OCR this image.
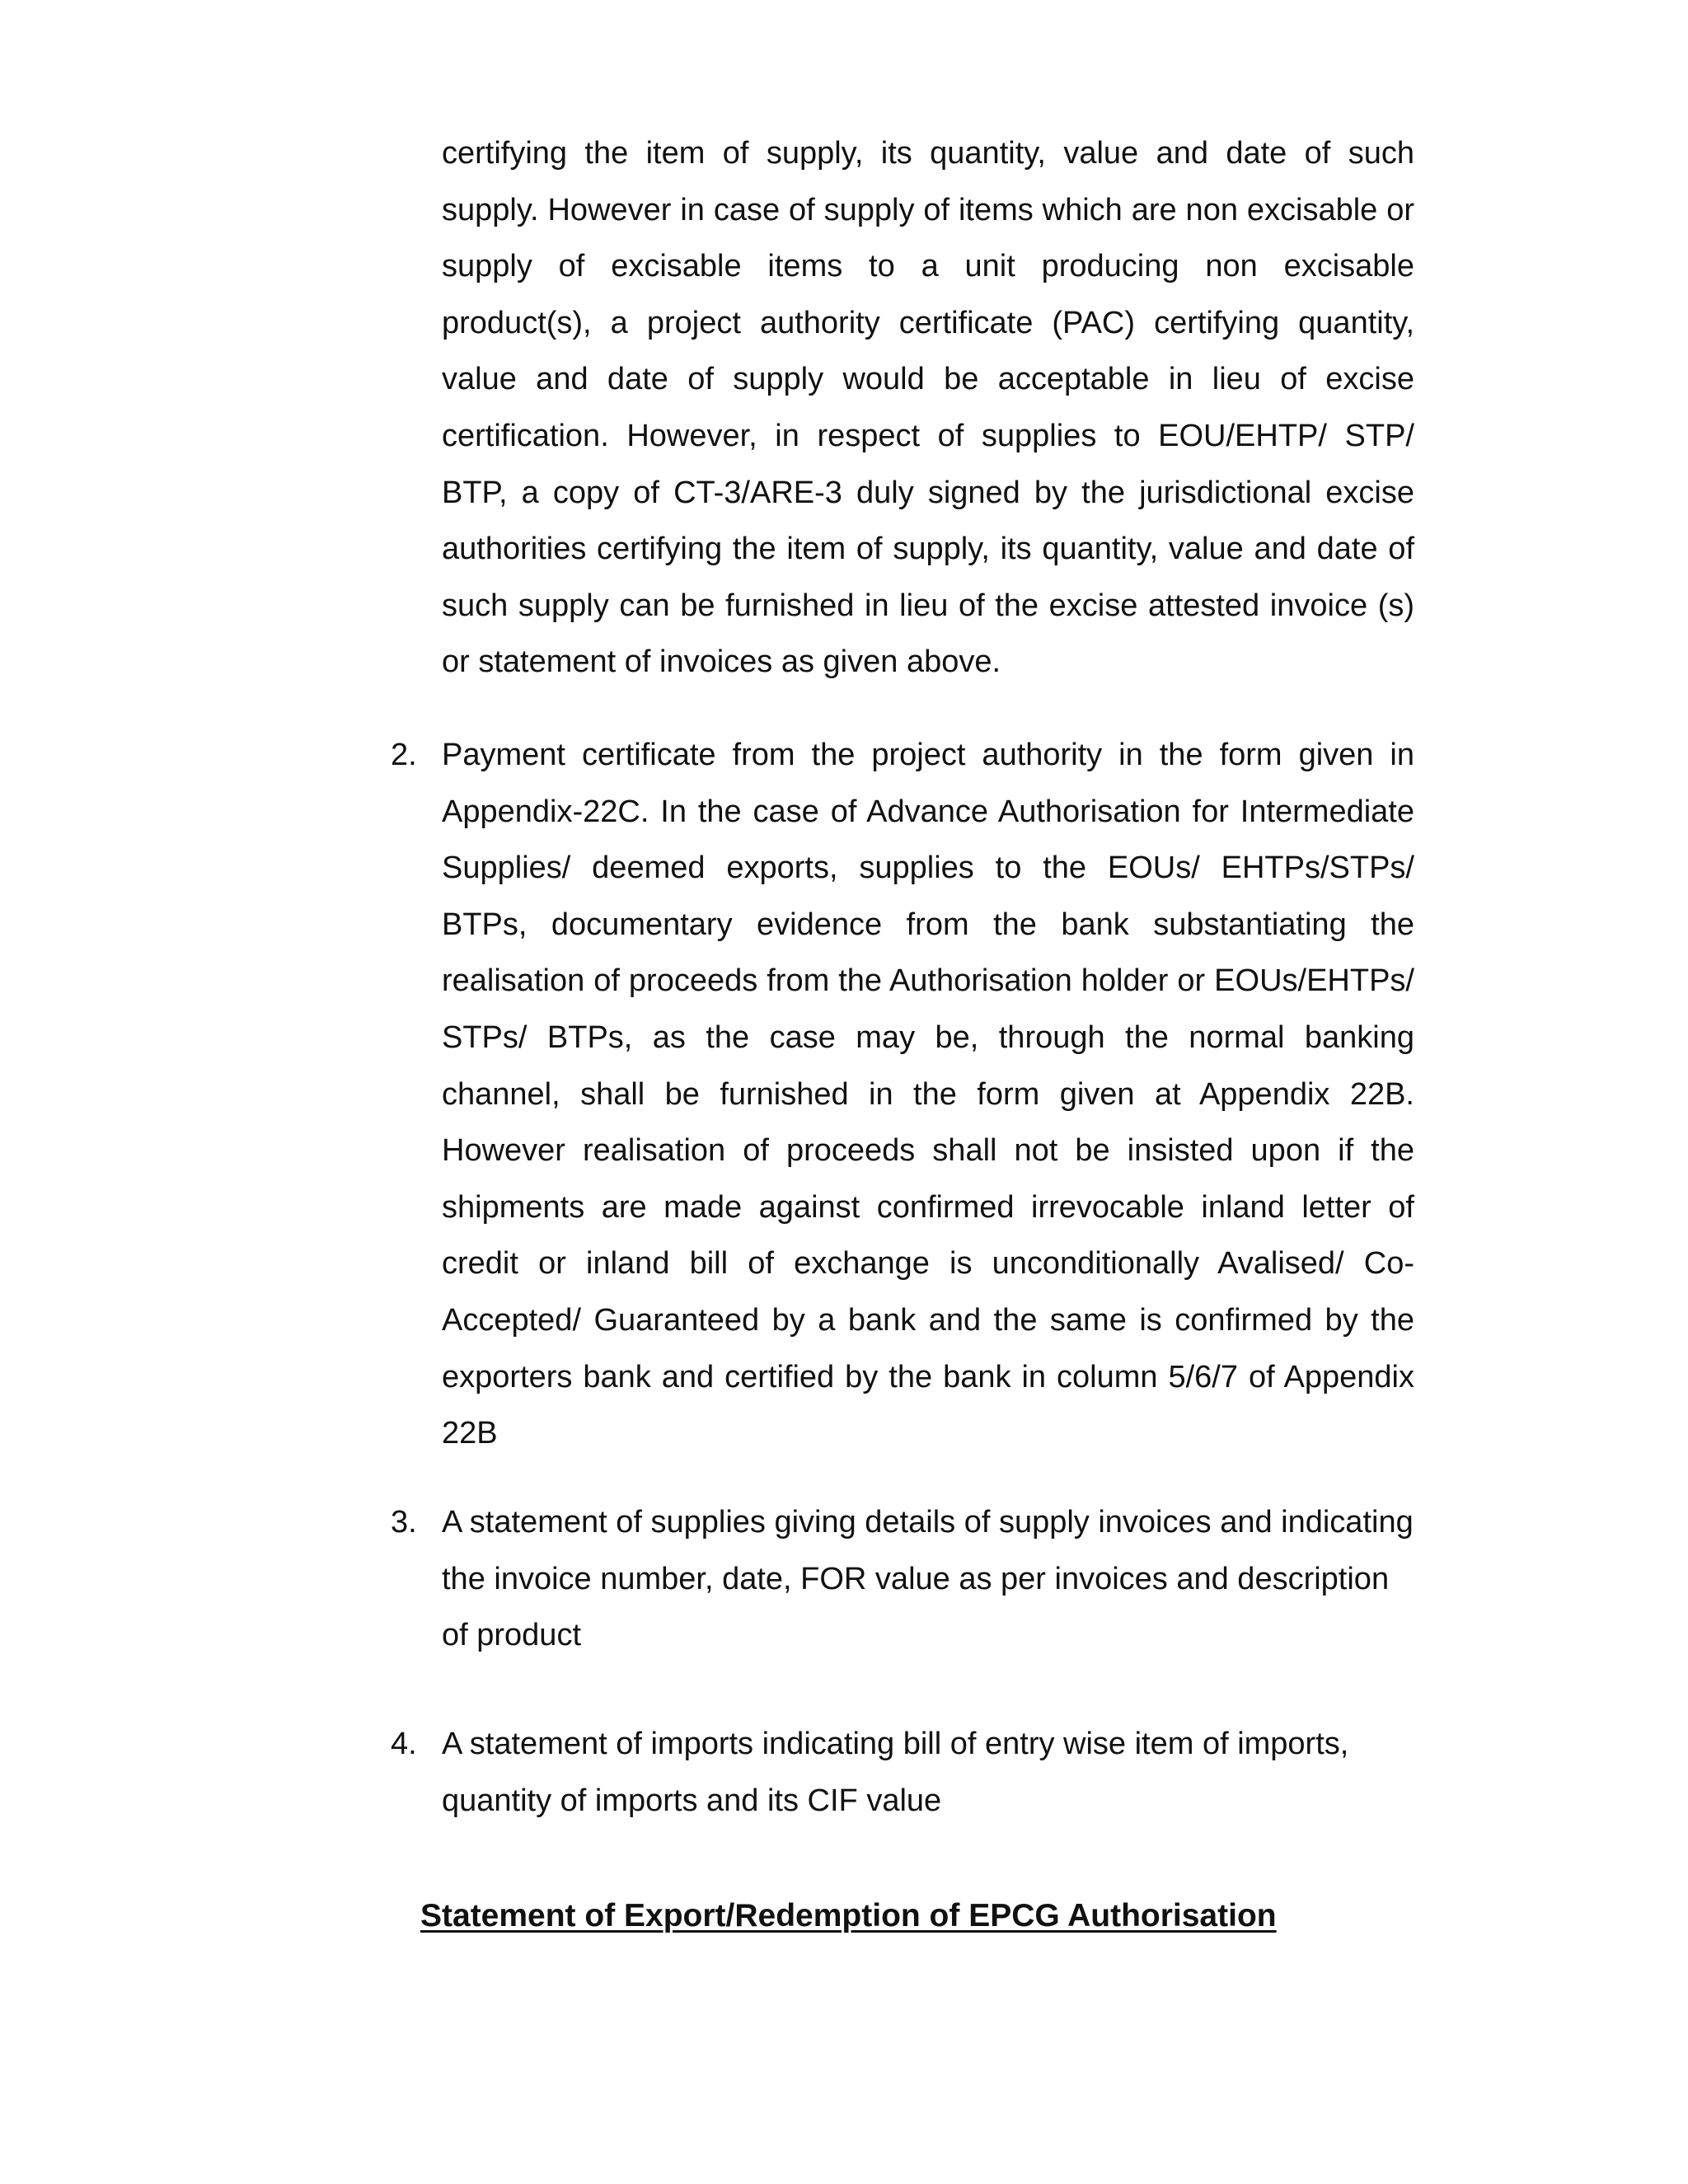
certifying the item of supply, its quantity, value and date of such supply. However in case of supply of items which are non excisable or supply of excisable items to a unit producing non excisable product(s), a project authority certificate (PAC) certifying quantity, value and date of supply would be acceptable in lieu of excise certification. However, in respect of supplies to EOU/EHTP/ STP/ BTP, a copy of CT-3/ARE-3 duly signed by the jurisdictional excise authorities certifying the item of supply, its quantity, value and date of such supply can be furnished in lieu of the excise attested invoice (s) or statement of invoices as given above.

2. Payment certificate from the project authority in the form given in Appendix-22C. In the case of Advance Authorisation for Intermediate Supplies/ deemed exports, supplies to the EOUs/ EHTPs/STPs/ BTPs, documentary evidence from the bank substantiating the realisation of proceeds from the Authorisation holder or EOUs/EHTPs/ STPs/ BTPs, as the case may be, through the normal banking channel, shall be furnished in the form given at Appendix 22B. However realisation of proceeds shall not be insisted upon if the shipments are made against confirmed irrevocable inland letter of credit or inland bill of exchange is unconditionally Avalised/ Co- Accepted/ Guaranteed by a bank and the same is confirmed by the exporters bank and certified by the bank in column 5/6/7 of Appendix 22B

3. A statement of supplies giving details of supply invoices and indicating the invoice number, date, FOR value as per invoices and description of product

4. A statement of imports indicating bill of entry wise item of imports, quantity of imports and its CIF value

Statement of Export/Redemption of EPCG Authorisation
